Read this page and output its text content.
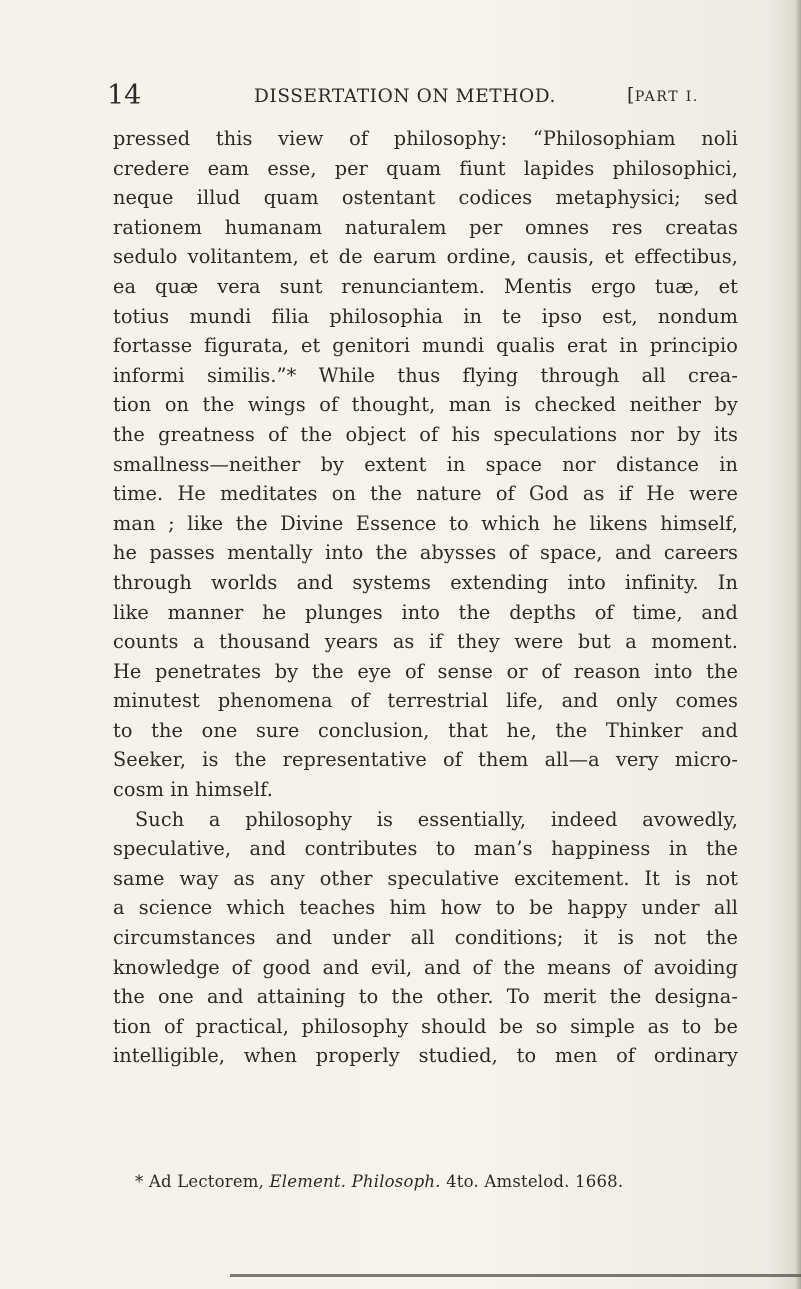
14	DISSERTATION ON METHOD.	[PART I.
pressed this view of philosophy: “Philosophiam noli
credere eam esse, per quam fiunt lapides philosophici,
neque illud quam ostentant codices metaphysici; sed
rationem humanam naturalem per omnes res creatas
sedulo volitantem, et de earum ordine, causis, et effectibus,
ea quæ vera sunt renunciantem. Mentis ergo tuæ, et
totius mundi filia philosophia in te ipso est, nondum
fortasse figurata, et genitori mundi qualis erat in principio
informi similis.”* While thus flying through all crea-
tion on the wings of thought, man is checked neither by
the greatness of the object of his speculations nor by its
smallness—neither by extent in space nor distance in
time. He meditates on the nature of God as if He were
man ; like the Divine Essence to which he likens himself,
he passes mentally into the abysses of space, and careers
through worlds and systems extending into infinity. In
like manner he plunges into the depths of time, and
counts a thousand years as if they were but a moment.
He penetrates by the eye of sense or of reason into the
minutest phenomena of terrestrial life, and only comes
to the one sure conclusion, that he, the Thinker and
Seeker, is the representative of them all—a very micro-
cosm in himself.
Such a philosophy is essentially, indeed avowedly,
speculative, and contributes to man’s happiness in the
same way as any other speculative excitement. It is not
a science which teaches him how to be happy under all
circumstances and under all conditions; it is not the
knowledge of good and evil, and of the means of avoiding
the one and attaining to the other. To merit the designa-
tion of practical, philosophy should be so simple as to be
intelligible, when properly studied, to men of ordinary
* Ad Lectorem, Element. Philosoph. 4to. Amstelod. 1668.
